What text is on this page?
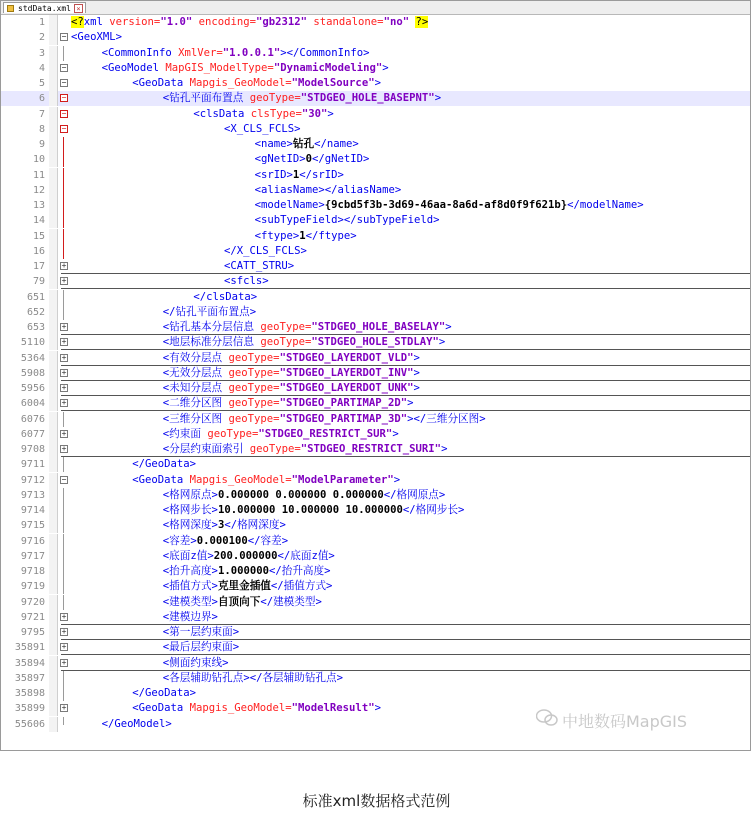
stdData.xml ×
1 <?xml version="1.0" encoding="gb2312" standalone="no" ?>
2 − <GeoXML>
3	<CommonInfo XmlVer="1.0.0.1"></CommonInfo>
4 −	<GeoModel MapGIS_ModelType="DynamicModeling">
5 −	<GeoData Mapgis_GeoModel="ModelSource">
6 −	<钻孔平面布置点 geoType="STDGEO_HOLE_BASEPNT">
7 −	<clsData clsType="30">
8 −	<X_CLS_FCLS>
9	<name>钻孔</name>
10	<gNetID>0</gNetID>
11	<srID>1</srID>
12	<aliasName></aliasName>
13	<modelName>{9cbd5f3b-3d69-46aa-8a6d-af8d0f9f621b}</modelName>
14	<subTypeField></subTypeField>
15	<ftype>1</ftype>
16	</X_CLS_FCLS>
17 +	<CATT_STRU>
79 +	<sfcls>
651	</clsData>
652	</钻孔平面布置点>
653 +	<钻孔基本分层信息 geoType="STDGEO_HOLE_BASELAY">
5110 +	<地层标准分层信息 geoType="STDGEO_HOLE_STDLAY">
5364 +	<有效分层点 geoType="STDGEO_LAYERDOT_VLD">
5908 +	<无效分层点 geoType="STDGEO_LAYERDOT_INV">
5956 +	<未知分层点 geoType="STDGEO_LAYERDOT_UNK">
6004 +	<二维分区图 geoType="STDGEO_PARTIMAP_2D">
6076	<三维分区图 geoType="STDGEO_PARTIMAP_3D"></三维分区图>
6077 +	<约束面 geoType="STDGEO_RESTRICT_SUR">
9708 +	<分层约束面索引 geoType="STDGEO_RESTRICT_SURI">
9711	</GeoData>
9712 −	<GeoData Mapgis_GeoModel="ModelParameter">
9713	<格网原点>0.000000 0.000000 0.000000</格网原点>
9714	<格网步长>10.000000 10.000000 10.000000</格网步长>
9715	<格网深度>3</格网深度>
9716	<容差>0.000100</容差>
9717	<底面z值>200.000000</底面z值>
9718	<抬升高度>1.000000</抬升高度>
9719	<插值方式>克里金插值</插值方式>
9720	<建模类型>自顶向下</建模类型>
9721 +	<建模边界>
9795 +	<第一层约束面>
35891 +	<最后层约束面>
35894 +	<侧面约束线>
35897	<各层辅助钻孔点></各层辅助钻孔点>
35898	</GeoData>
35899 +	<GeoData Mapgis_GeoModel="ModelResult">
55606	</GeoModel>	中地数码MapGIS
标准xml数据格式范例
